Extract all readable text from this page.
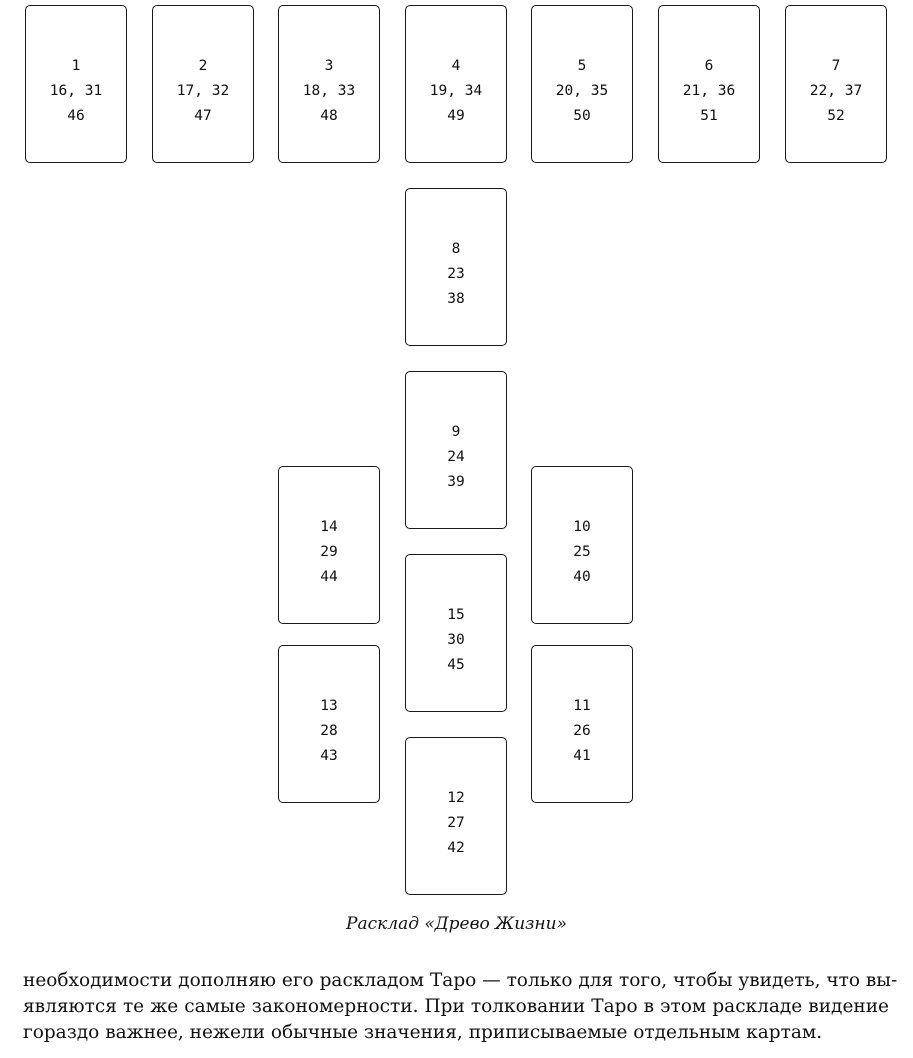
1
16, 31
46
2
17, 32
47
3
18, 33
48
4
19, 34
49
5
20, 35
50
6
21, 36
51
7
22, 37
52
8
23
38
9
24
39
14
29
44
10
25
40
15
30
45
13
28
43
11
26
41
12
27
42
Расклад «Древо Жизни»
необходимости дополняю его раскладом Таро — только для того, чтобы увидеть, что вы-
являются те же самые закономерности. При толковании Таро в этом раскладе видение
гораздо важнее, нежели обычные значения, приписываемые отдельным картам.
